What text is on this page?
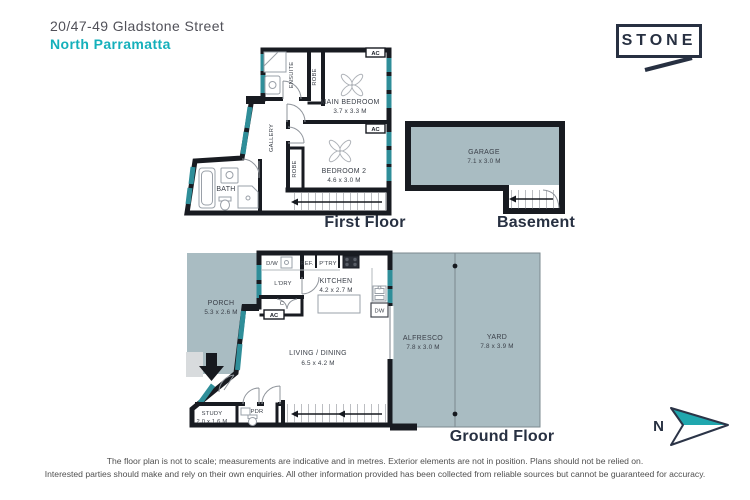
20/47-49 Gladstone Street
North Parramatta	STONE
AC
AC
ENSUITE	ROBE
MAIN BEDROOM
3.7 x 3.3 M
GALLERY
ROBE	BEDROOM 2
4.6 x 3.0 M
BATH
First Floor
GARAGE
7.1 x 3.0 M
Basement
AC
PORCH
5.3 x 2.6 M
D/W	REF. P'TRY
L'DRY
C
KITCHEN
4.2 x 2.7 M
DW
LIVING / DINING
6.5 x 4.2 M
STUDY
2.0 x 1.6 M
PDR
ALFRESCO
7.8 x 3.0 M
YARD
7.8 x 3.9 M
Ground Floor
N
The floor plan is not to scale; measurements are indicative and in metres. Exterior elements are not in position. Plans should not be relied on.
Interested parties should make and rely on their own enquiries. All other information provided has been collected from reliable sources but cannot be guaranteed for accuracy.
